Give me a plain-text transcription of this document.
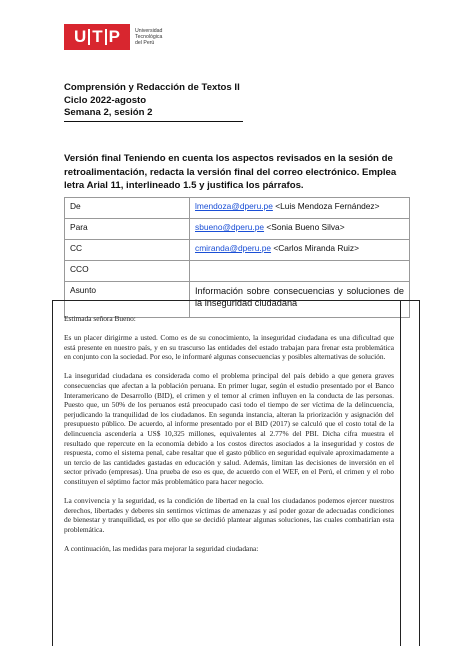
U T P	Universidad
Tecnológica
del Perú
Comprensión y Redacción de Textos II
Ciclo 2022-agosto
Semana 2, sesión 2
Versión final Teniendo en cuenta los aspectos revisados en la sesión de retroalimentación, redacta la versión final del correo electrónico. Emplea letra Arial 11, interlineado 1.5 y justifica los párrafos.
De	lmendoza@dperu.pe <Luis Mendoza Fernández>
Para	sbueno@dperu.pe <Sonia Bueno Silva>
CC	cmiranda@dperu.pe <Carlos Miranda Ruiz>
CCO	
Asunto	Información sobre consecuencias y soluciones de la inseguridad ciudadana

Estimada señora Bueno:

Es un placer dirigirme a usted. Como es de su conocimiento, la inseguridad ciudadana es una dificultad que está presente en nuestro país, y en su trascurso las entidades del estado trabajan para frenar esta problemática en conjunto con la sociedad. Por eso, le informaré algunas consecuencias y posibles alternativas de solución.

La inseguridad ciudadana es considerada como el problema principal del país debido a que genera graves consecuencias que afectan a la población peruana. En primer lugar, según el estudio presentado por el Banco Interamericano de Desarrollo (BID), el crimen y el temor al crimen influyen en la conducta de las personas. Puesto que, un 50% de los peruanos está preocupado casi todo el tiempo de ser víctima de la delincuencia, perjudicando la tranquilidad de los ciudadanos. En segunda instancia, alteran la priorización y asignación del presupuesto público. De acuerdo, al informe presentado por el BID (2017) se calculó que el costo total de la delincuencia ascendería a US$ 10,325 millones, equivalentes al 2.77% del PBI. Dicha cifra muestra el resultado que repercute en la economía debido a los costos directos asociados a la inseguridad y costos de respuesta, como el sistema penal, cabe resaltar que el gasto público en seguridad equivale aproximadamente a un tercio de las cantidades gastadas en educación y salud. Además, limitan las decisiones de inversión en el sector privado (empresas). Una prueba de eso es que, de acuerdo con el WEF, en el Perú, el crimen y el robo constituyen el séptimo factor más problemático para hacer negocio.

La convivencia y la seguridad, es la condición de libertad en la cual los ciudadanos podemos ejercer nuestros derechos, libertades y deberes sin sentirnos víctimas de amenazas y así poder gozar de adecuadas condiciones de bienestar y tranquilidad, es por ello que se decidió plantear algunas soluciones, las cuales combatirían esta problemática.

A continuación, las medidas para mejorar la seguridad ciudadana:
